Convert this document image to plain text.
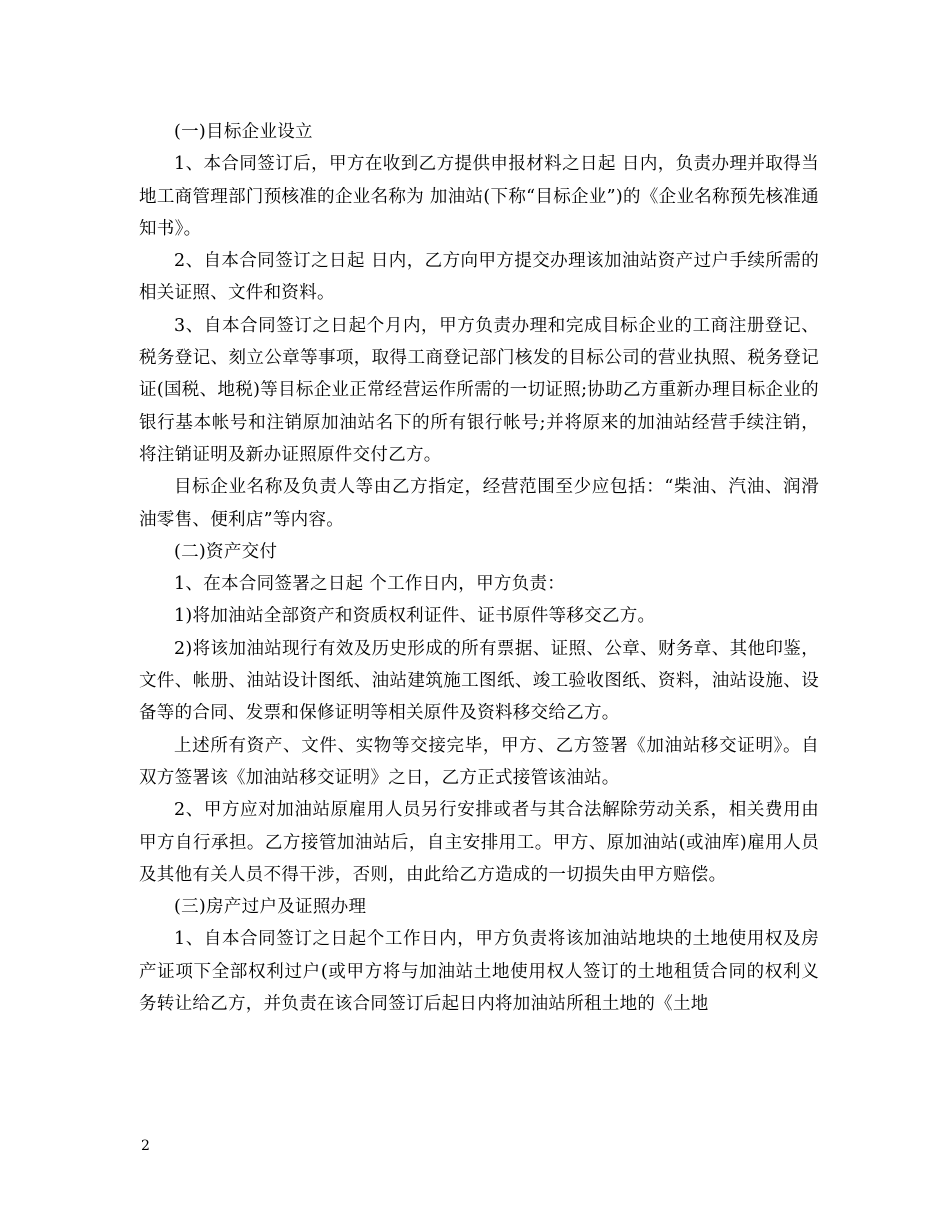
(一)目标企业设立

1、本合同签订后，甲方在收到乙方提供申报材料之日起 日内，负责办理并取得当地工商管理部门预核准的企业名称为 加油站(下称“目标企业”)的《企业名称预先核准通知书》。

2、自本合同签订之日起 日内，乙方向甲方提交办理该加油站资产过户手续所需的相关证照、文件和资料。

3、自本合同签订之日起个月内，甲方负责办理和完成目标企业的工商注册登记、税务登记、刻立公章等事项，取得工商登记部门核发的目标公司的营业执照、税务登记证(国税、地税)等目标企业正常经营运作所需的一切证照;协助乙方重新办理目标企业的银行基本帐号和注销原加油站名下的所有银行帐号;并将原来的加油站经营手续注销，将注销证明及新办证照原件交付乙方。

目标企业名称及负责人等由乙方指定，经营范围至少应包括：“柴油、汽油、润滑油零售、便利店”等内容。

(二)资产交付

1、在本合同签署之日起 个工作日内，甲方负责：

1)将加油站全部资产和资质权利证件、证书原件等移交乙方。

2)将该加油站现行有效及历史形成的所有票据、证照、公章、财务章、其他印鉴，文件、帐册、油站设计图纸、油站建筑施工图纸、竣工验收图纸、资料，油站设施、设备等的合同、发票和保修证明等相关原件及资料移交给乙方。

上述所有资产、文件、实物等交接完毕，甲方、乙方签署《加油站移交证明》。自双方签署该《加油站移交证明》之日，乙方正式接管该油站。

2、甲方应对加油站原雇用人员另行安排或者与其合法解除劳动关系，相关费用由甲方自行承担。乙方接管加油站后，自主安排用工。甲方、原加油站(或油库)雇用人员及其他有关人员不得干涉，否则，由此给乙方造成的一切损失由甲方赔偿。

(三)房产过户及证照办理

1、自本合同签订之日起个工作日内，甲方负责将该加油站地块的土地使用权及房产证项下全部权利过户(或甲方将与加油站土地使用权人签订的土地租赁合同的权利义务转让给乙方，并负责在该合同签订后起日内将加油站所租土地的《土地

2
